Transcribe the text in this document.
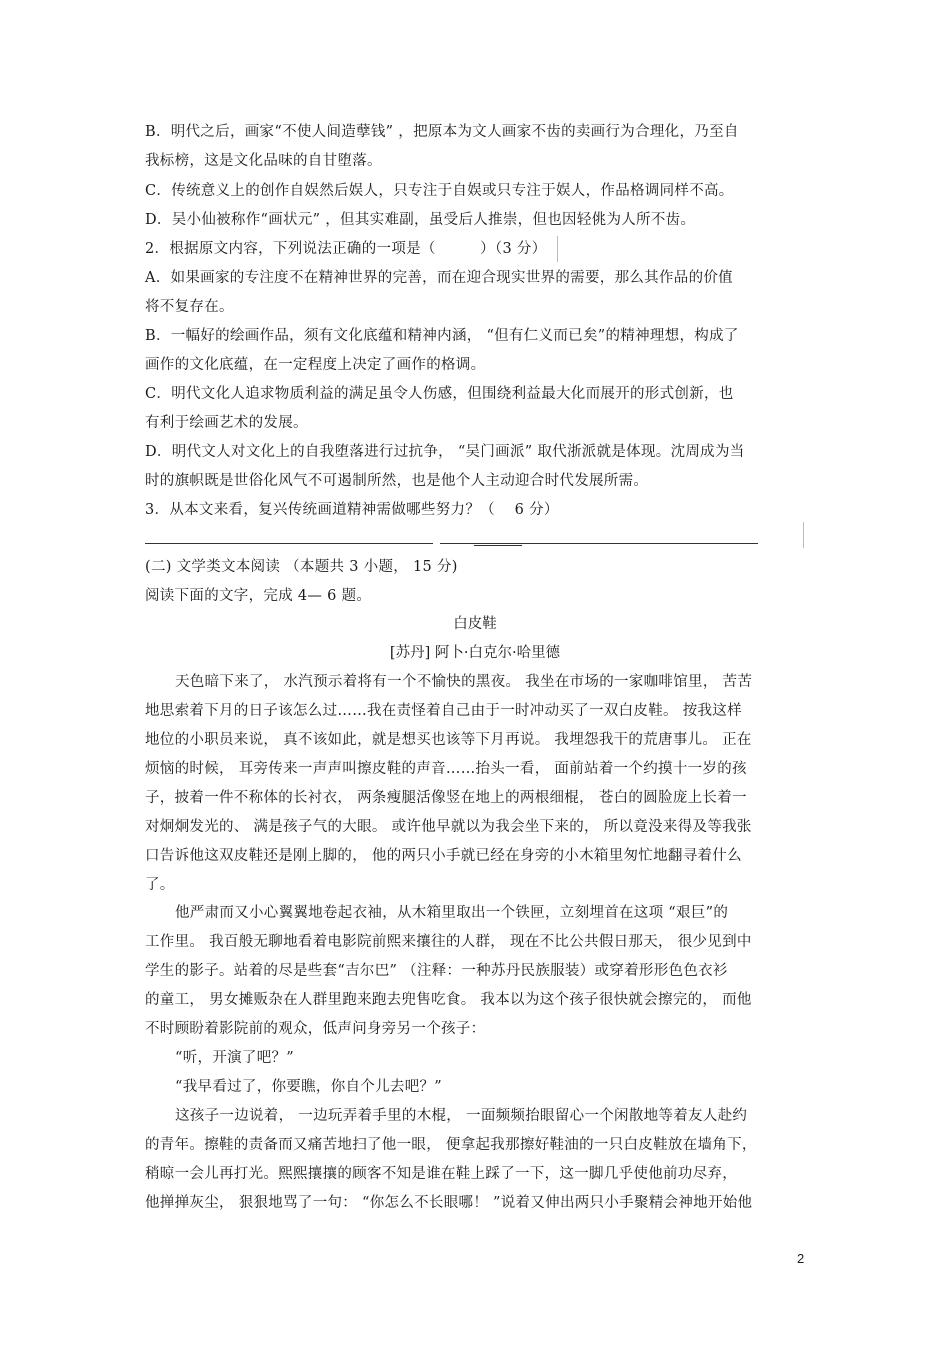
B．明代之后，画家“不使人间造孽钱” ，把原本为文人画家不齿的卖画行为合理化，乃至自
我标榜，这是文化品味的自甘堕落。
C．传统意义上的创作自娱然后娱人，只专注于自娱或只专注于娱人，作品格调同样不高。
D．吴小仙被称作“画状元” ，但其实难副，虽受后人推崇，但也因轻佻为人所不齿。
2．根据原文内容，下列说法正确的一项是（　　　）（3 分）
A．如果画家的专注度不在精神世界的完善，而在迎合现实世界的需要，那么其作品的价值
将不复存在。
B．一幅好的绘画作品，须有文化底蕴和精神内涵， “但有仁义而已矣”的精神理想，构成了
画作的文化底蕴，在一定程度上决定了画作的格调。
C．明代文化人追求物质利益的满足虽令人伤感，但围绕利益最大化而展开的形式创新，也
有利于绘画艺术的发展。
D．明代文人对文化上的自我堕落进行过抗争， “吴门画派” 取代浙派就是体现。沈周成为当
时的旗帜既是世俗化风气不可遏制所然，也是他个人主动迎合时代发展所需。
3．从本文来看，复兴传统画道精神需做哪些努力？（　 6 分）
(二) 文学类文本阅读 （本题共 3 小题， 15 分)
阅读下面的文字，完成 4— 6 题。
白皮鞋
[苏丹] 阿卜·白克尔·哈里德
天色暗下来了， 水汽预示着将有一个不愉快的黑夜。 我坐在市场的一家咖啡馆里， 苦苦
地思索着下月的日子该怎么过……我在责怪着自己由于一时冲动买了一双白皮鞋。 按我这样
地位的小职员来说， 真不该如此，就是想买也该等下月再说。 我埋怨我干的荒唐事儿。 正在
烦恼的时候， 耳旁传来一声声叫擦皮鞋的声音……抬头一看， 面前站着一个约摸十一岁的孩
子，披着一件不称体的长衬衣， 两条瘦腿活像竖在地上的两根细棍， 苍白的圆脸庞上长着一
对炯炯发光的、 满是孩子气的大眼。 或许他早就以为我会坐下来的， 所以竟没来得及等我张
口告诉他这双皮鞋还是刚上脚的， 他的两只小手就已经在身旁的小木箱里匆忙地翻寻着什么
了。
他严肃而又小心翼翼地卷起衣袖，从木箱里取出一个铁匣，立刻埋首在这项 “艰巨”的
工作里。 我百般无聊地看着电影院前熙来攘往的人群， 现在不比公共假日那天， 很少见到中
学生的影子。站着的尽是些套“吉尔巴” （注释：一种苏丹民族服装）或穿着形形色色衣衫
的童工， 男女摊贩杂在人群里跑来跑去兜售吃食。 我本以为这个孩子很快就会擦完的， 而他
不时顾盼着影院前的观众，低声问身旁另一个孩子：
“听，开演了吧？”
“我早看过了，你要瞧，你自个儿去吧？”
这孩子一边说着， 一边玩弄着手里的木棍， 一面频频抬眼留心一个闲散地等着友人赴约
的青年。擦鞋的责备而又痛苦地扫了他一眼， 便拿起我那擦好鞋油的一只白皮鞋放在墙角下，
稍晾一会儿再打光。熙熙攘攘的顾客不知是谁在鞋上踩了一下，这一脚几乎使他前功尽弃，
他掸掸灰尘， 狠狠地骂了一句： “你怎么不长眼哪！ ”说着又伸出两只小手聚精会神地开始他
2
